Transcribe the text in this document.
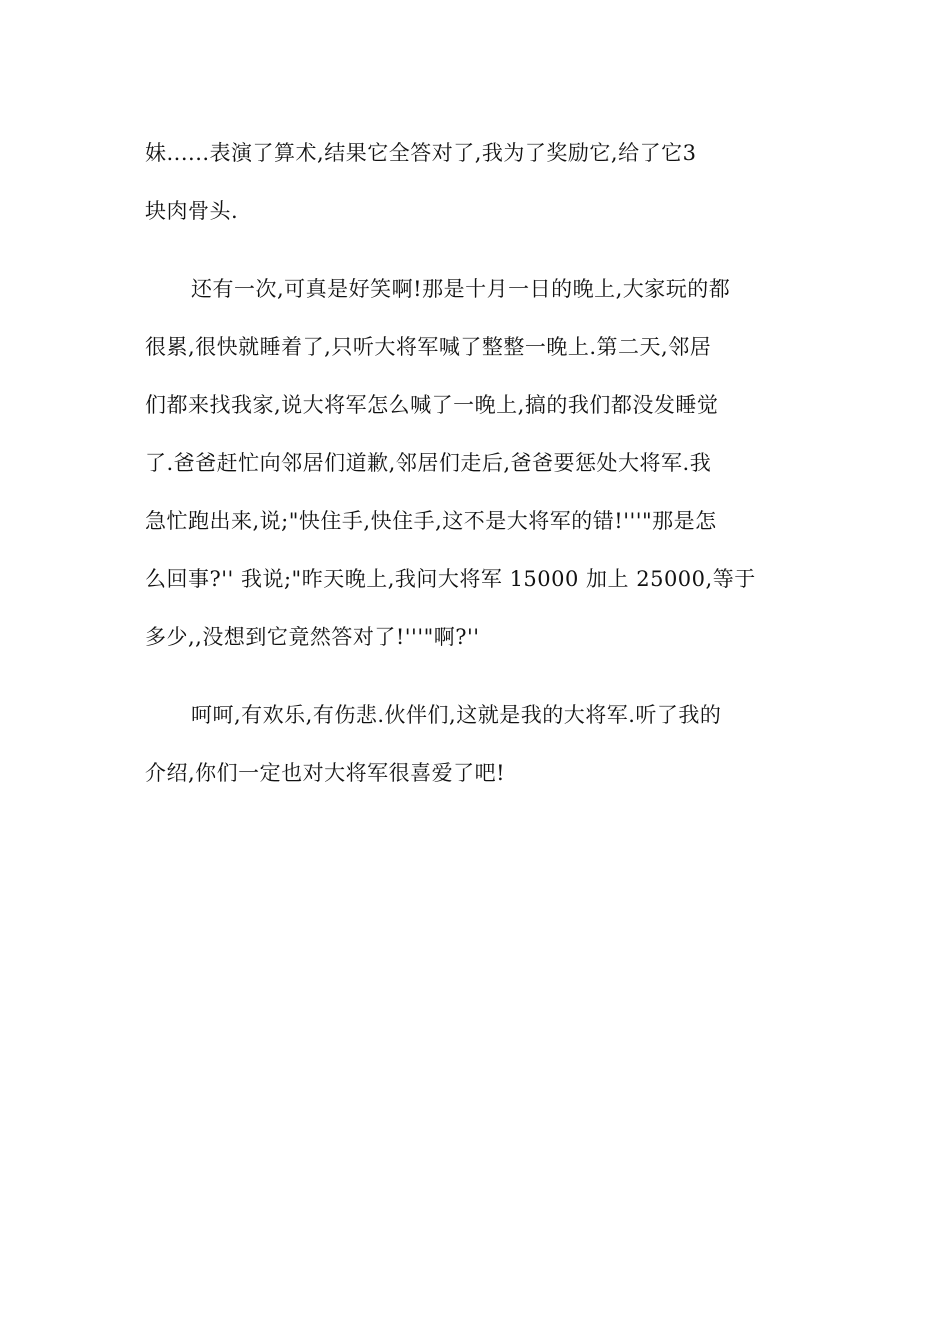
妹......表演了算术,结果它全答对了,我为了奖励它,给了它3
块肉骨头.
还有一次,可真是好笑啊!那是十月一日的晚上,大家玩的都
很累,很快就睡着了,只听大将军喊了整整一晚上.第二天,邻居
们都来找我家,说大将军怎么喊了一晚上,搞的我们都没发睡觉
了.爸爸赶忙向邻居们道歉,邻居们走后,爸爸要惩处大将军.我
急忙跑出来,说;"快住手,快住手,这不是大将军的错!'''"那是怎
么回事?'' 我说;"昨天晚上,我问大将军 15000 加上 25000,等于
多少,,没想到它竟然答对了!'''"啊?''
呵呵,有欢乐,有伤悲.伙伴们,这就是我的大将军.听了我的
介绍,你们一定也对大将军很喜爱了吧!
